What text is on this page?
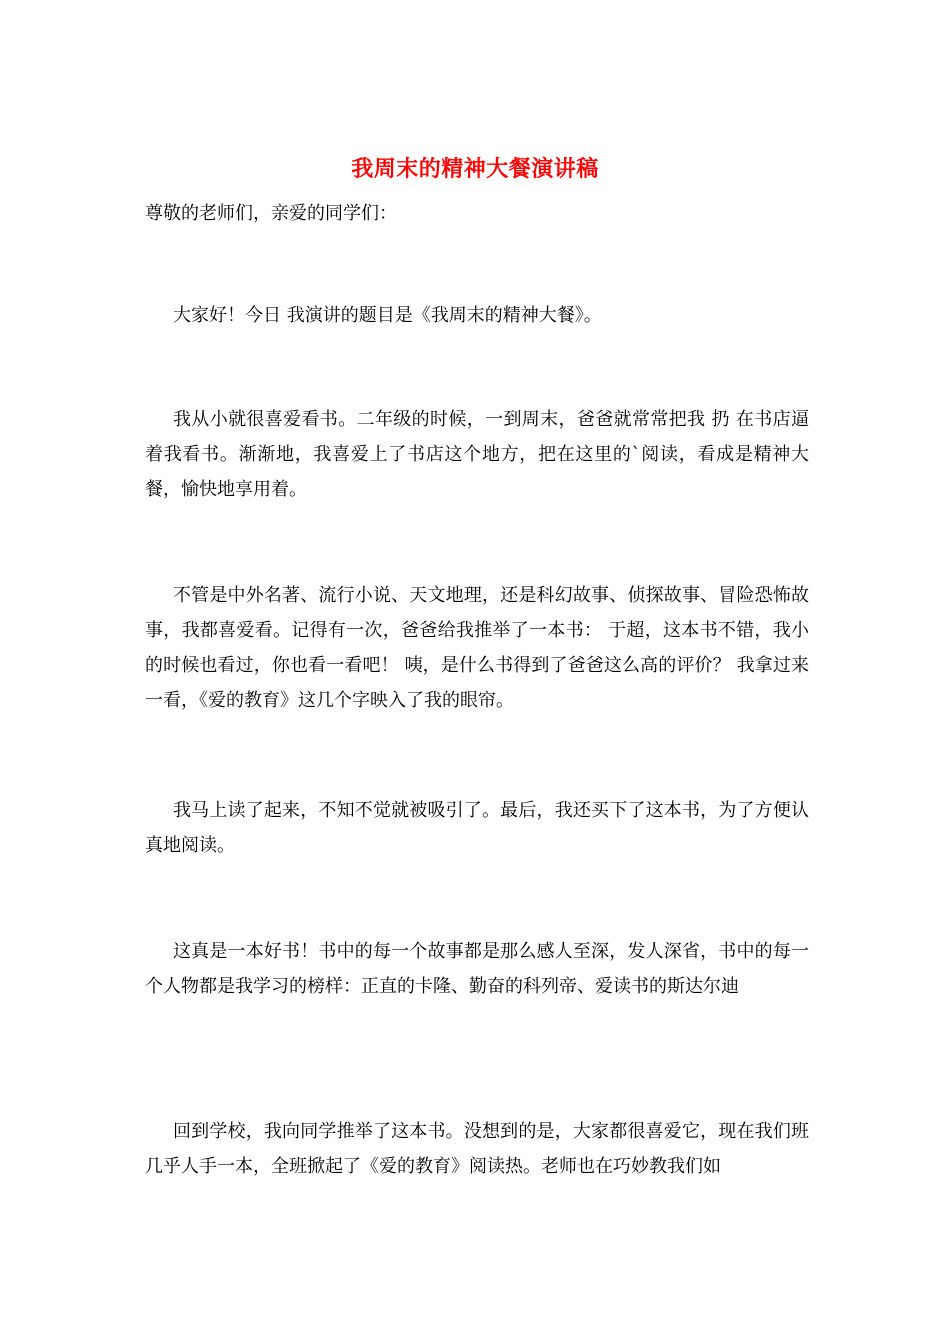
我周末的精神大餐演讲稿

尊敬的老师们，亲爱的同学们：

大家好！今日 我演讲的题目是《我周末的精神大餐》。

我从小就很喜爱看书。二年级的时候，一到周末，爸爸就常常把我 扔 在书店逼着我看书。渐渐地，我喜爱上了书店这个地方，把在这里的`阅读，看成是精神大餐，愉快地享用着。

不管是中外名著、流行小说、天文地理，还是科幻故事、侦探故事、冒险恐怖故事，我都喜爱看。记得有一次，爸爸给我推举了一本书： 于超，这本书不错，我小的时候也看过，你也看一看吧！ 咦，是什么书得到了爸爸这么高的评价？ 我拿过来一看，《爱的教育》这几个字映入了我的眼帘。

我马上读了起来，不知不觉就被吸引了。最后，我还买下了这本书，为了方便认真地阅读。

这真是一本好书！书中的每一个故事都是那么感人至深，发人深省，书中的每一个人物都是我学习的榜样：正直的卡隆、勤奋的科列帝、爱读书的斯达尔迪

回到学校，我向同学推举了这本书。没想到的是，大家都很喜爱它，现在我们班几乎人手一本，全班掀起了《爱的教育》阅读热。老师也在巧妙教我们如
